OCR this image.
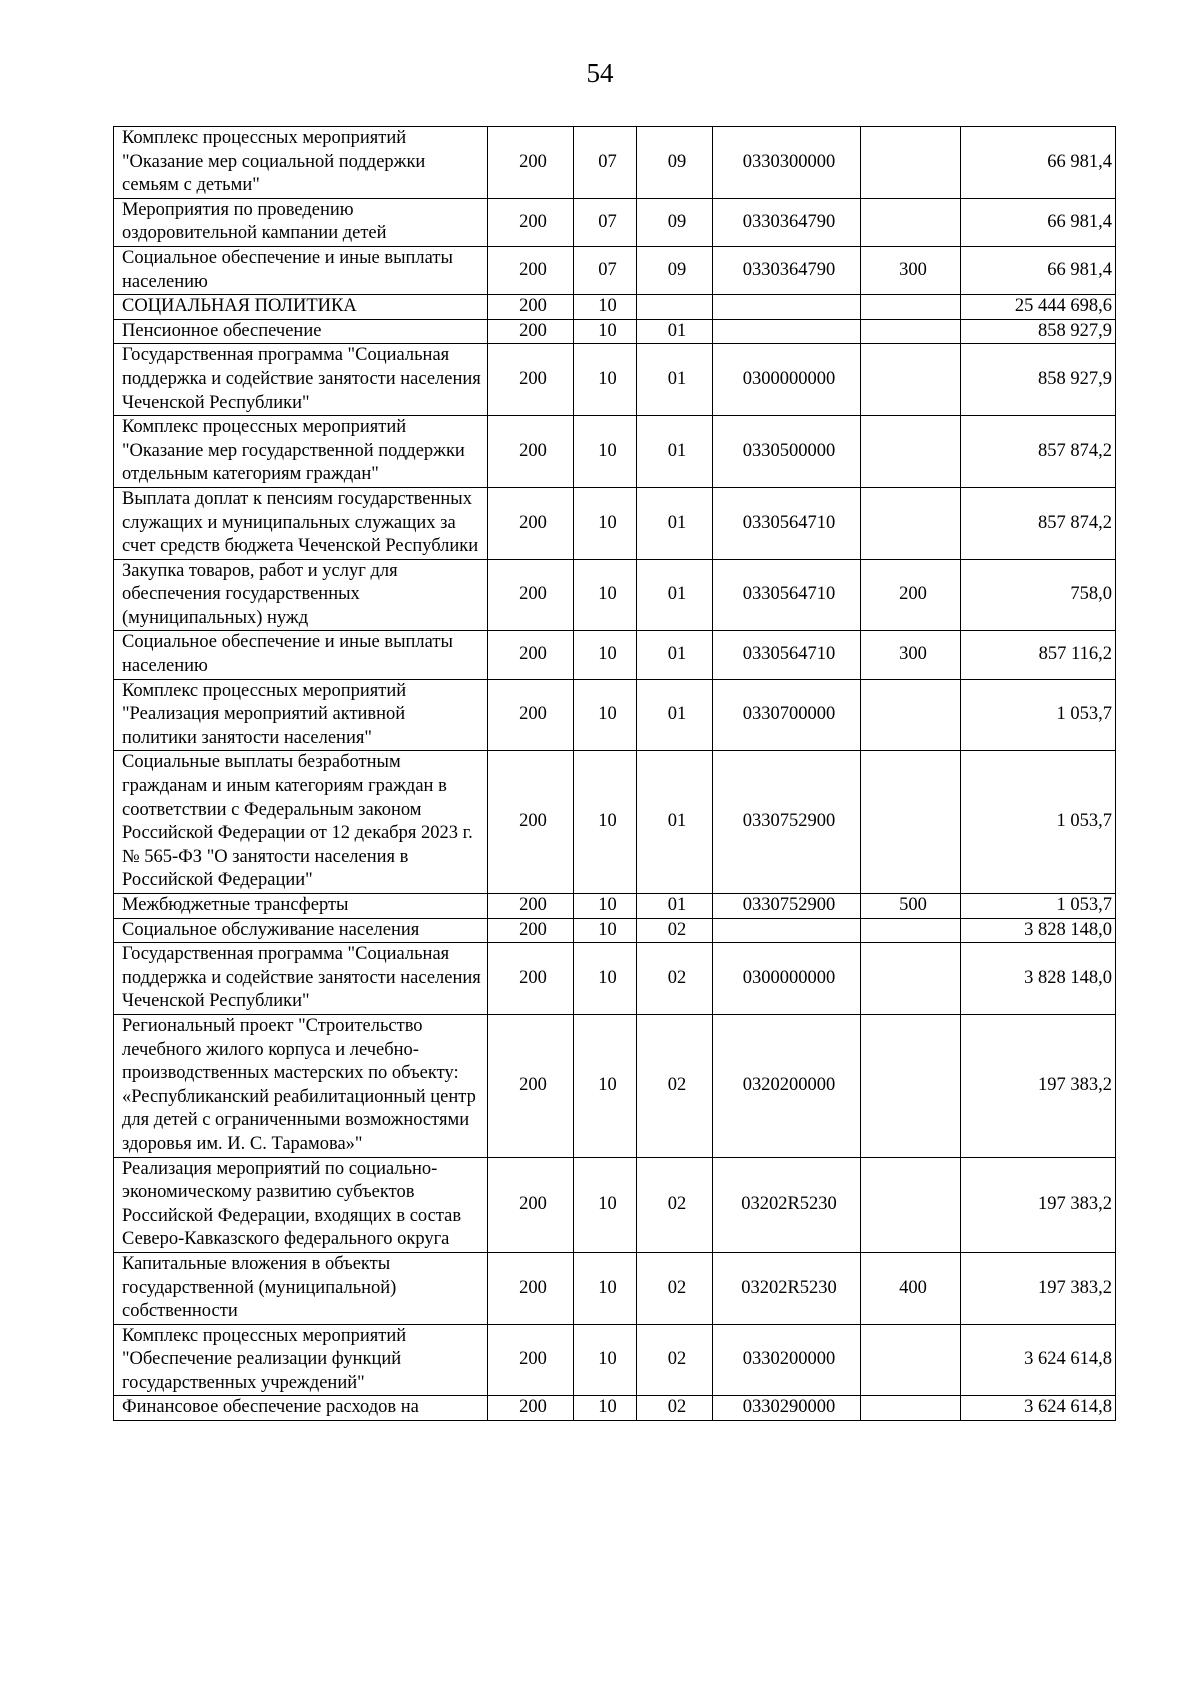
54
Комплекс процессных мероприятий "Оказание мер социальной поддержки семьям с детьми"	200	07	09	0330300000		66 981,4
Мероприятия по проведению оздоровительной кампании детей	200	07	09	0330364790		66 981,4
Социальное обеспечение и иные выплаты населению	200	07	09	0330364790	300	66 981,4
СОЦИАЛЬНАЯ ПОЛИТИКА	200	10				25 444 698,6
Пенсионное обеспечение	200	10	01			858 927,9
Государственная программа "Социальная поддержка и содействие занятости населения Чеченской Республики"	200	10	01	0300000000		858 927,9
Комплекс процессных мероприятий "Оказание мер государственной поддержки отдельным категориям граждан"	200	10	01	0330500000		857 874,2
Выплата доплат к пенсиям государственных служащих и муниципальных служащих за счет средств бюджета Чеченской Республики	200	10	01	0330564710		857 874,2
Закупка товаров, работ и услуг для обеспечения государственных (муниципальных) нужд	200	10	01	0330564710	200	758,0
Социальное обеспечение и иные выплаты населению	200	10	01	0330564710	300	857 116,2
Комплекс процессных мероприятий "Реализация мероприятий активной политики занятости населения"	200	10	01	0330700000		1 053,7
Социальные выплаты безработным гражданам и иным категориям граждан в соответствии с Федеральным законом Российской Федерации от 12 декабря 2023 г. № 565-ФЗ "О занятости населения в Российской Федерации"	200	10	01	0330752900		1 053,7
Межбюджетные трансферты	200	10	01	0330752900	500	1 053,7
Социальное обслуживание населения	200	10	02			3 828 148,0
Государственная программа "Социальная поддержка и содействие занятости населения Чеченской Республики"	200	10	02	0300000000		3 828 148,0
Региональный проект "Строительство лечебного жилого корпуса и лечебно-производственных мастерских по объекту: «Республиканский реабилитационный центр для детей с ограниченными возможностями здоровья им. И. С. Тарамова»"	200	10	02	0320200000		197 383,2
Реализация мероприятий по социально-экономическому развитию субъектов Российской Федерации, входящих в состав Северо-Кавказского федерального округа	200	10	02	03202R5230		197 383,2
Капитальные вложения в объекты государственной (муниципальной) собственности	200	10	02	03202R5230	400	197 383,2
Комплекс процессных мероприятий "Обеспечение реализации функций государственных учреждений"	200	10	02	0330200000		3 624 614,8
Финансовое обеспечение расходов на	200	10	02	0330290000		3 624 614,8
